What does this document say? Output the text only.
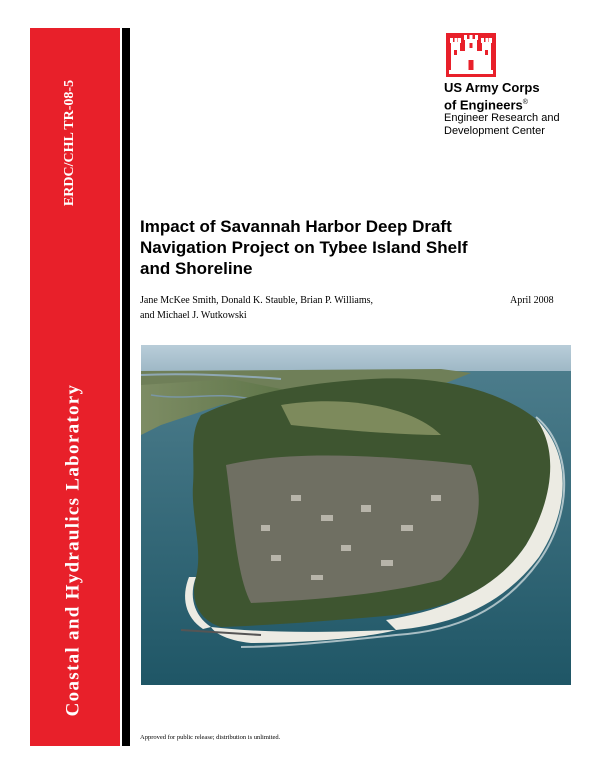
ERDC/CHL TR-08-5
Coastal and Hydraulics Laboratory
US Army Corps
of Engineers®
Engineer Research and
Development Center
Impact of Savannah Harbor Deep Draft
Navigation Project on Tybee Island Shelf
and Shoreline
Jane McKee Smith, Donald K. Stauble, Brian P. Williams,
and Michael J. Wutkowski
April 2008
Approved for public release; distribution is unlimited.
